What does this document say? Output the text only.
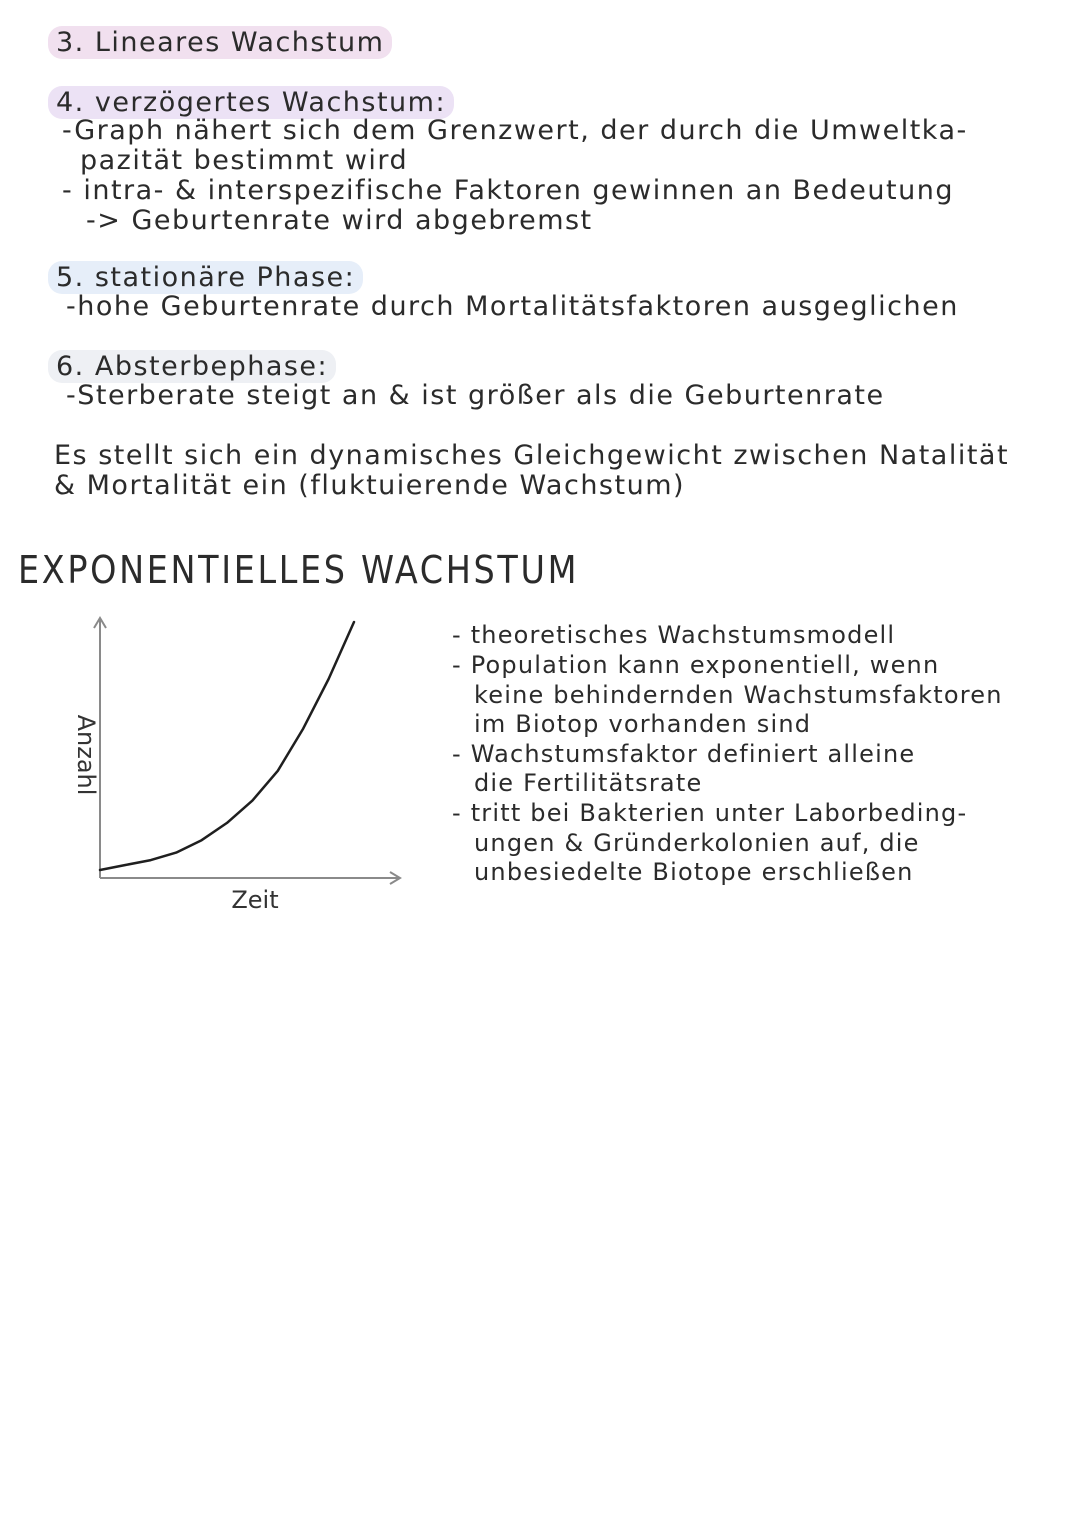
3. Lineares Wachstum
4. verzögertes Wachstum:
-Graph nähert sich dem Grenzwert, der durch die Umweltka-
pazität bestimmt wird
- intra- & interspezifische Faktoren gewinnen an Bedeutung
-> Geburtenrate wird abgebremst
5. stationäre Phase:
-hohe Geburtenrate durch Mortalitätsfaktoren ausgeglichen
6. Absterbephase:
-Sterberate steigt an & ist größer als die Geburtenrate
Es stellt sich ein dynamisches Gleichgewicht zwischen Natalität
& Mortalität ein (fluktuierende Wachstum)
EXPONENTIELLES WACHSTUM
Anzahl
Zeit
- theoretisches Wachstumsmodell
- Population kann exponentiell, wenn
keine behindernden Wachstumsfaktoren
im Biotop vorhanden sind
- Wachstumsfaktor definiert alleine
die Fertilitätsrate
- tritt bei Bakterien unter Laborbeding-
ungen & Gründerkolonien auf, die
unbesiedelte Biotope erschließen
